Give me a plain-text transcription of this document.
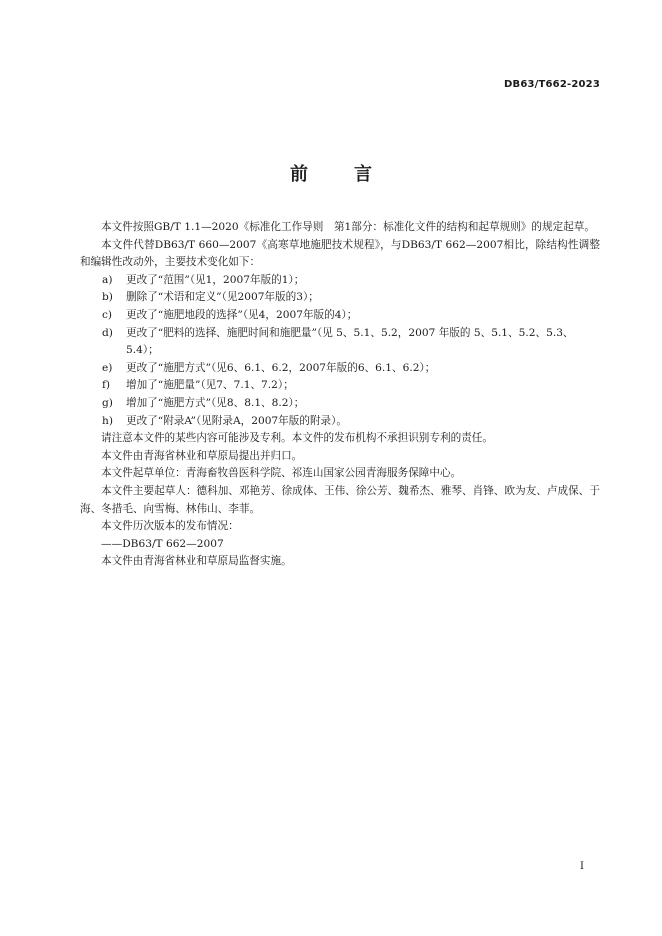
DB63/T662-2023
前　言

本文件按照GB/T 1.1—2020《标准化工作导则　第1部分：标准化文件的结构和起草规则》的规定起草。

本文件代替DB63/T 660—2007《高寒草地施肥技术规程》，与DB63/T 662—2007相比，除结构性调整和编辑性改动外，主要技术变化如下：

a) 更改了“范围”（见1，2007年版的1）；

b) 删除了“术语和定义”（见2007年版的3）；

c) 更改了“施肥地段的选择”（见4，2007年版的4）；

d) 更改了“肥料的选择、施肥时间和施肥量”（见 5、5.1、5.2，2007 年版的 5、5.1、5.2、5.3、5.4）；

e) 更改了“施肥方式”（见6、6.1、6.2，2007年版的6、6.1、6.2）；

f) 增加了“施肥量”（见7、7.1、7.2）；

g) 增加了“施肥方式”（见8、8.1、8.2）；

h) 更改了“附录A”（见附录A，2007年版的附录）。

请注意本文件的某些内容可能涉及专利。本文件的发布机构不承担识别专利的责任。

本文件由青海省林业和草原局提出并归口。

本文件起草单位：青海畜牧兽医科学院、祁连山国家公园青海服务保障中心。

本文件主要起草人：德科加、邓艳芳、徐成体、王伟、徐公芳、魏希杰、雅琴、肖锋、欧为友、卢成保、于海、冬措毛、向雪梅、林伟山、李菲。

本文件历次版本的发布情况：

——DB63/T 662—2007

本文件由青海省林业和草原局监督实施。

I
